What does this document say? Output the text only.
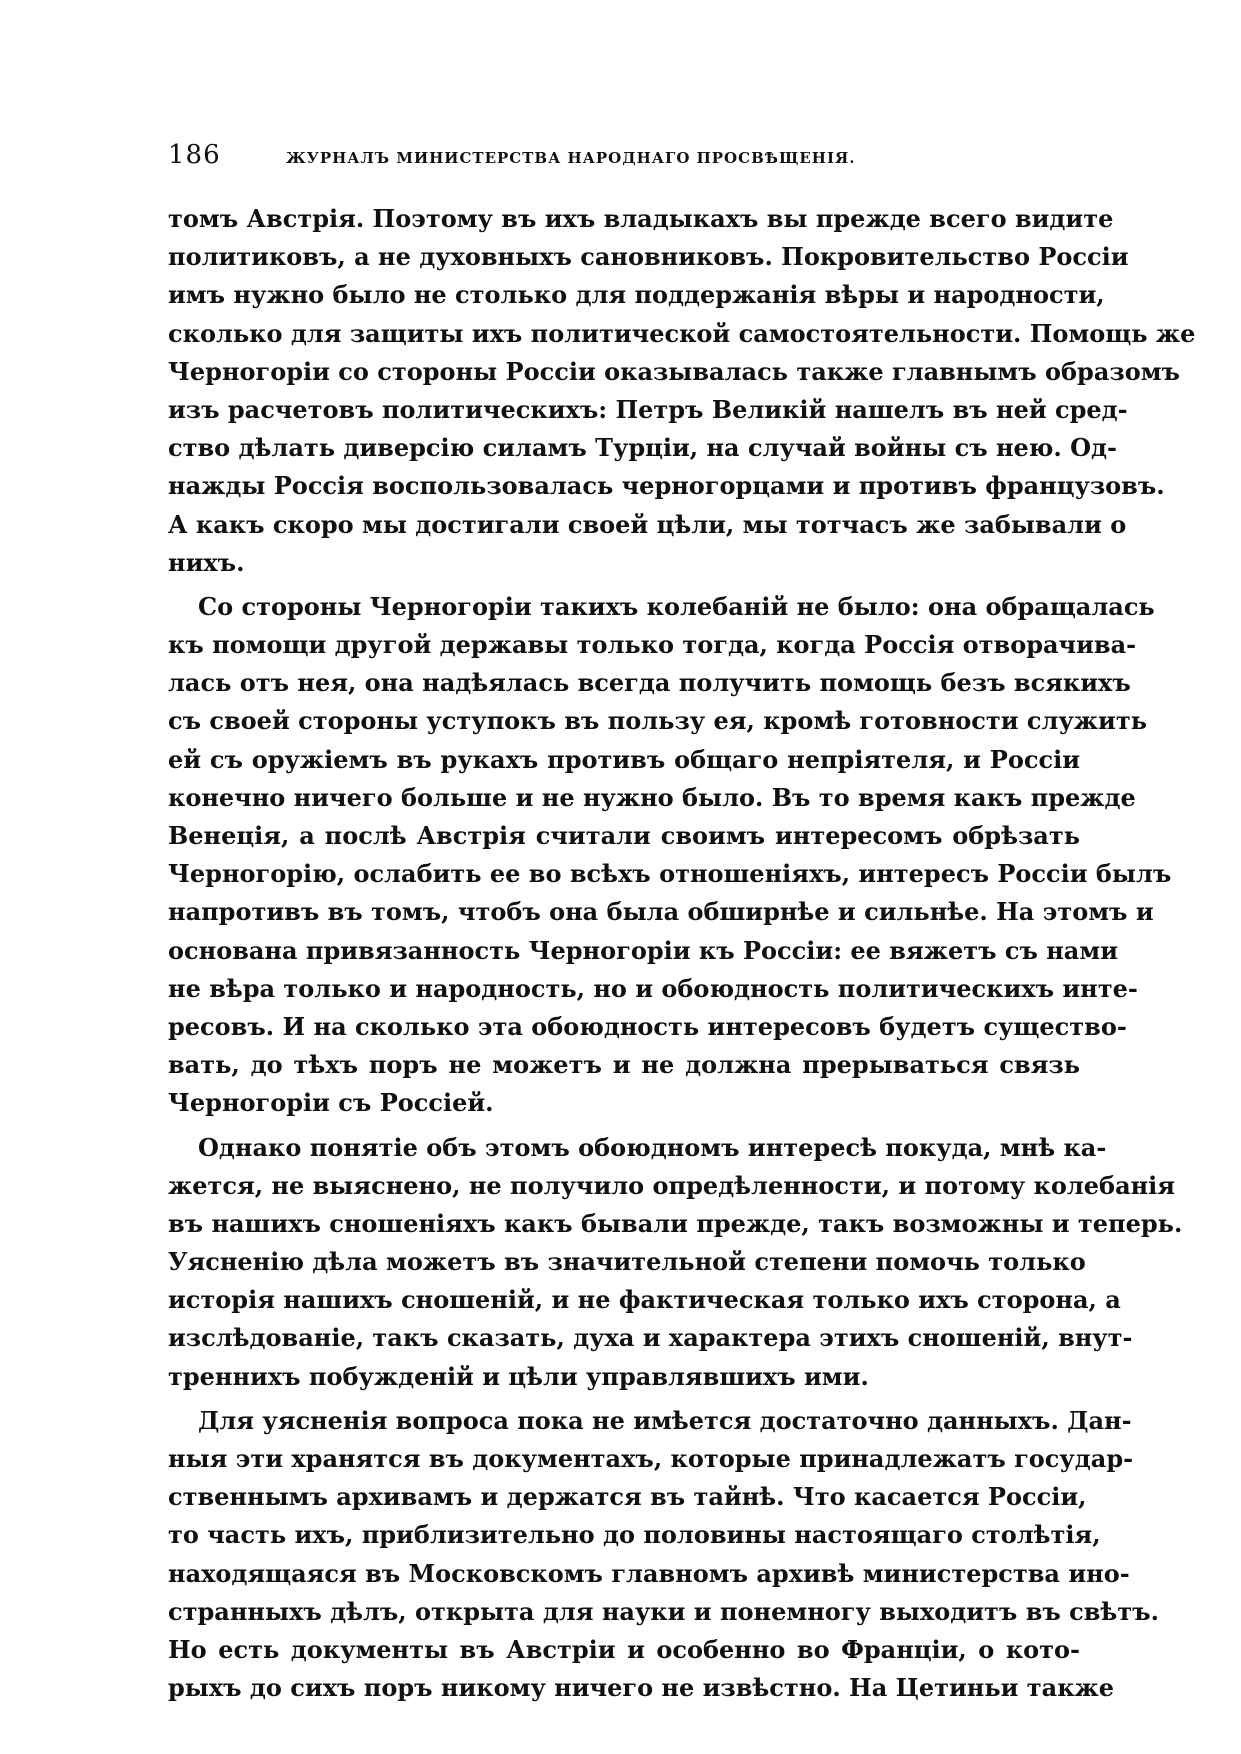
186	ЖУРНАЛЪ МИНИСТЕРСТВА НАРОДНАГО ПРОСВѢЩЕНІЯ.
томъ Австрія. Поэтому въ ихъ владыкахъ вы прежде всего видите
политиковъ, а не духовныхъ сановниковъ. Покровительство Россіи
имъ нужно было не столько для поддержанія вѣры и народности,
сколько для защиты ихъ политической самостоятельности. Помощь же
Черногоріи со стороны Россіи оказывалась также главнымъ образомъ
изъ расчетовъ политическихъ: Петръ Великій нашелъ въ ней сред-
ство дѣлать диверсію силамъ Турціи, на случай войны съ нею. Од-
нажды Россія воспользовалась черногорцами и противъ французовъ.
А какъ скоро мы достигали своей цѣли, мы тотчасъ же забывали о
нихъ.
Со стороны Черногоріи такихъ колебаній не было: она обращалась
къ помощи другой державы только тогда, когда Россія отворачива-
лась отъ нея, она надѣялась всегда получить помощь безъ всякихъ
съ своей стороны уступокъ въ пользу ея, кромѣ готовности служить
ей съ оружіемъ въ рукахъ противъ общаго непріятеля, и Россіи
конечно ничего больше и не нужно было. Въ то время какъ прежде
Венеція, а послѣ Австрія считали своимъ интересомъ обрѣзать
Черногорію, ослабить ее во всѣхъ отношеніяхъ, интересъ Россіи былъ
напротивъ въ томъ, чтобъ она была обширнѣе и сильнѣе. На этомъ и
основана привязанность Черногоріи къ Россіи: ее вяжетъ съ нами
не вѣра только и народность, но и обоюдность политическихъ инте-
ресовъ. И на сколько эта обоюдность интересовъ будетъ существо-
вать, до тѣхъ поръ не можетъ и не должна прерываться связь
Черногоріи съ Россіей.
Однако понятіе объ этомъ обоюдномъ интересѣ покуда, мнѣ ка-
жется, не выяснено, не получило опредѣленности, и потому колебанія
въ нашихъ сношеніяхъ какъ бывали прежде, такъ возможны и теперь.
Уясненію дѣла можетъ въ значительной степени помочь только
исторія нашихъ сношеній, и не фактическая только ихъ сторона, а
изслѣдованіе, такъ сказать, духа и характера этихъ сношеній, внут-
треннихъ побужденій и цѣли управлявшихъ ими.
Для уясненія вопроса пока не имѣется достаточно данныхъ. Дан-
ныя эти хранятся въ документахъ, которые принадлежатъ государ-
ственнымъ архивамъ и держатся въ тайнѣ. Что касается Россіи,
то часть ихъ, приблизительно до половины настоящаго столѣтія,
находящаяся въ Московскомъ главномъ архивѣ министерства ино-
странныхъ дѣлъ, открыта для науки и понемногу выходитъ въ свѣтъ.
Но есть документы въ Австріи и особенно во Франціи, о кото-
рыхъ до сихъ поръ никому ничего не извѣстно. На Цетиньи также
